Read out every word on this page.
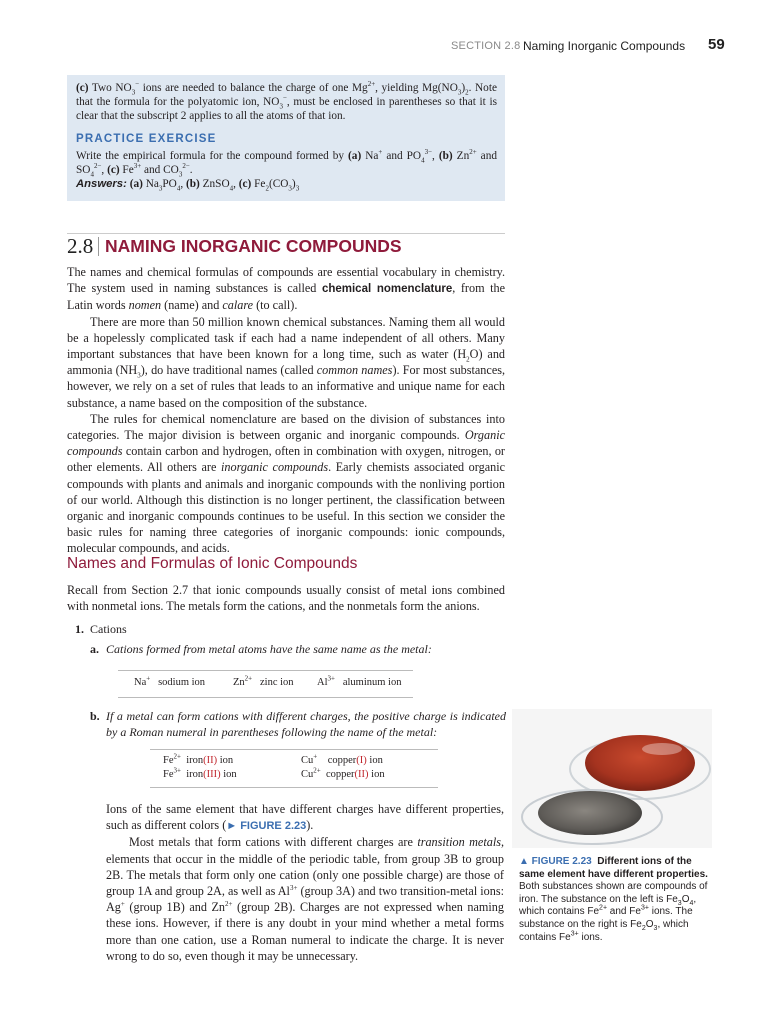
SECTION 2.8 Naming Inorganic Compounds 59

(c) Two $NO_3^-$ ions are needed to balance the charge of one $Mg^{2+}$, yielding $Mg(NO_3)_2$. Note that the formula for the polyatomic ion, $NO_3^-$, must be enclosed in parentheses so that it is clear that the subscript 2 applies to all the atoms of that ion.

PRACTICE EXERCISE

Write the empirical formula for the compound formed by (a) Na+ and $PO_4^{3-}$, (b) $Zn^{2+}$ and $SO_4^{2-}$, (c) $Fe^{3+}$ and $CO_3^{2-}$.

Answers: (a) $Na_3PO_4$, (b) ZnSO$_4$, (c) $Fe_2(CO_3)_3$

2.8 NAMING INORGANIC COMPOUNDS

The names and chemical formulas of compounds are essential vocabulary in chemistry. The system used in naming substances is called chemical nomenclature, from the Latin words nomen (name) and calare (to call).

There are more than 50 million known chemical substances. Naming them all would be a hopelessly complicated task if each had a name independent of all others. Many important substances that have been known for a long time, such as water $(H_2O)$ and ammonia $(NH_3)$, do have traditional names (called common names). For most substances, however, we rely on a set of rules that leads to an informative and unique name for each substance, a name based on the composition of the substance.

The rules for chemical nomenclature are based on the division of substances into categories. The major division is between organic and inorganic compounds. Organic compounds contain carbon and hydrogen, often in combination with oxygen, nitrogen, or other elements. All others are inorganic compounds. Early chemists associated organic compounds with plants and animals and inorganic compounds with the nonliving portion of our world. Although this distinction is no longer pertinent, the classification between organic and inorganic compounds continues to be useful. In this section we consider the basic rules for naming three categories of inorganic compounds: ionic compounds, molecular compounds, and acids.

Names and Formulas of Ionic Compounds
Recall from Section 2.7 that ionic compounds usually consist of metal ions combined with nonmetal ions. The metals form the cations, and the nonmetals form the anions.
1. Cations
a. Cations formed from metal atoms have the same name as the metal:
Na+ sodium ion	$Zn^{2+}$ zinc ion $Al^{3+}$ aluminum ion
b. If a metal can form cations with different charges, the positive charge is indicated by a Roman numeral in parentheses following the name of the metal:
$Fe^{2+}$ iron(II) ion	Cu+ copper(I) ion
$Fe^{3+}$ iron(III) ion	$Cu^{2+}$ copper(II) ion

Ions of the same element that have different charges have different properties, such as different colors (► FIGURE 2.23).

Most metals that form cations with different charges are transition metals, elements that occur in the middle of the periodic table, from group 3B to group 2B. The metals that form only one cation (only one possible charge) are those of group 1A and group 2A, as well as $Al^{3+}$ (group 3A) and two transition-metal ions: Ag+ (group 1B) and $Zn^{2+}$ (group 2B). Charges are not expressed when naming these ions. However, if there is any doubt in your mind whether a metal forms more than one cation, use a Roman numeral to indicate the charge. It is never wrong to do so, even though it may be unnecessary.

▲ FIGURE 2.23 Different ions of the same element have different properties. Both substances shown are compounds of iron. The substance on the left is $Fe_3O_4$, which contains $Fe^{2+}$ and $Fe^{3+}$ ions. The substance on the right is $Fe_2O_3$, which contains $Fe^{3+}$ ions.
